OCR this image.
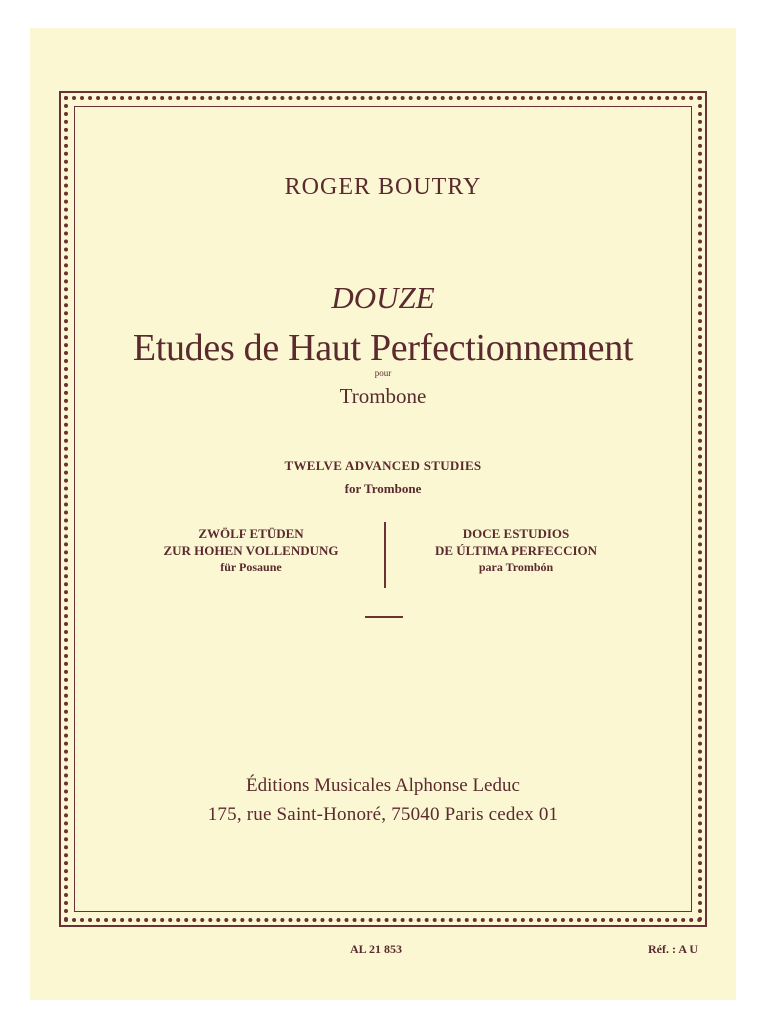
ROGER BOUTRY

DOUZE

Etudes de Haut Perfectionnement

pour

Trombone

TWELVE ADVANCED STUDIES

for Trombone

ZWÖLF ETÜDEN
ZUR HOHEN VOLLENDUNG
für Posaune
DOCE ESTUDIOS
DE ÚLTIMA PERFECCION
para Trombón

Éditions Musicales Alphonse Leduc

175, rue Saint-Honoré, 75040 Paris cedex 01

AL 21 853	Réf. : A U
